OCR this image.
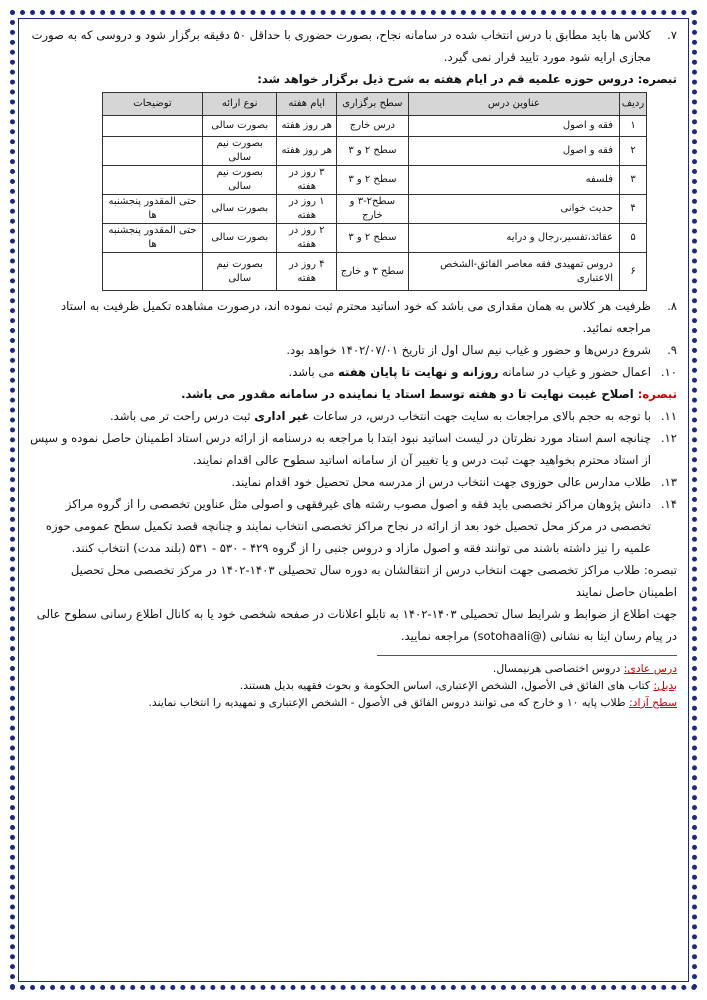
۷.
کلاس ها باید مطابق با درس انتخاب شده در سامانه نجاح، بصورت حضوری با حداقل ۵۰ دقیقه برگزار شود و دروسی که به صورت مجازی ارایه شود مورد تایید قرار نمی گیرد.

تبصره: دروس حوزه علمیه قم در ایام هفته به شرح ذیل برگزار خواهد شد:

ردیف	عناوین درس	سطح برگزاری	ایام هفته	نوع ارائه	توضیحات
۱	فقه و اصول	درس خارج	هر روز هفته	بصورت سالی	
۲	فقه و اصول	سطح ۲ و ۳	هر روز هفته	بصورت نیم سالی	
۳	فلسفه	سطح ۲ و ۳	۳ روز در هفته	بصورت نیم سالی	
۴	حدیث خوانی	سطح۲-۳ و خارج	۱ روز در هفته	بصورت سالی	حتی المقدور پنجشنبه ها
۵	عقائد،تفسیر،رجال و درایه	سطح ۲ و ۳	۲ روز در هفته	بصورت سالی	حتی المقدور پنجشنبه ها
۶	دروس تمهیدی فقه معاصر الفائق-الشخص الاعتباری	سطح ۳ و خارج	۴ روز در هفته	بصورت نیم سالی	

۸.
ظرفیت هر کلاس به همان مقداری می باشد که خود اساتید محترم ثبت نموده اند، درصورت مشاهده تکمیل ظرفیت به استاد مراجعه نمائید.

۹.
شروع درس‌ها و حضور و غیاب نیم سال اول از تاریخ ۱۴۰۲/۰۷/۰۱ خواهد بود.

۱۰.
اعمال حضور و غیاب در سامانه روزانه و نهایت تا پایان هفته می باشد.

تبصره: اصلاح غیبت نهایت تا دو هفته توسط استاد یا نماینده در سامانه مقدور می باشد.

۱۱.
با توجه به حجم بالای مراجعات به سایت جهت انتخاب درس، در ساعات غیر اداری ثبت درس راحت تر می باشد.

۱۲.
چنانچه اسم استاد مورد نظرتان در لیست اساتید نبود ابتدا با مراجعه به درسنامه از ارائه درس استاد اطمینان حاصل نموده و سپس از استاد محترم بخواهید جهت ثبت درس و یا تغییر آن از سامانه اساتید سطوح عالی اقدام نمایند.

۱۳.
طلاب مدارس عالی حوزوی جهت انتخاب درس از مدرسه محل تحصیل خود اقدام نمایند.

۱۴.
دانش پژوهان مراکز تخصصی باید فقه و اصول مصوب رشته های غیرفقهی و اصولی مثل عناوین تخصصی را از گروه مراکز تخصصی در مرکز محل تحصیل خود بعد از ارائه در نجاح مراکز تخصصی انتخاب نمایند و چنانچه قصد تکمیل سطح عمومی حوزه علمیه را نیز داشته باشند می توانند فقه و اصول مازاد و دروس جنبی را از گروه ۴۲۹ - ۵۳۰ - ۵۳۱ (بلند مدت) انتخاب کنند.

تبصره: طلاب مراکز تخصصی جهت انتخاب درس از انتقالشان به دوره سال تحصیلی ۱۴۰۳-۱۴۰۲ در مرکز تخصصی محل تحصیل اطمینان حاصل نمایند

جهت اطلاع از ضوابط و شرایط سال تحصیلی ۱۴۰۳-۱۴۰۲ به تابلو اعلانات در صفحه شخصی خود یا به کانال اطلاع رسانی سطوح عالی در پیام رسان ایتا به نشانی (@sotohaali) مراجعه نمایید.

درس عادی: دروس اختصاصی هرنیمسال.
بدیل: کتاب های الفائق فی الأصول، الشخص الإعتباری، اساس الحکومة و بحوث فقهیه بدیل هستند.
سطح آزاد: طلاب پایه ۱۰ و خارج که می توانند دروس الفائق فی الأصول - الشخص الإعتباری و تمهیدیه را انتخاب نمایند.
